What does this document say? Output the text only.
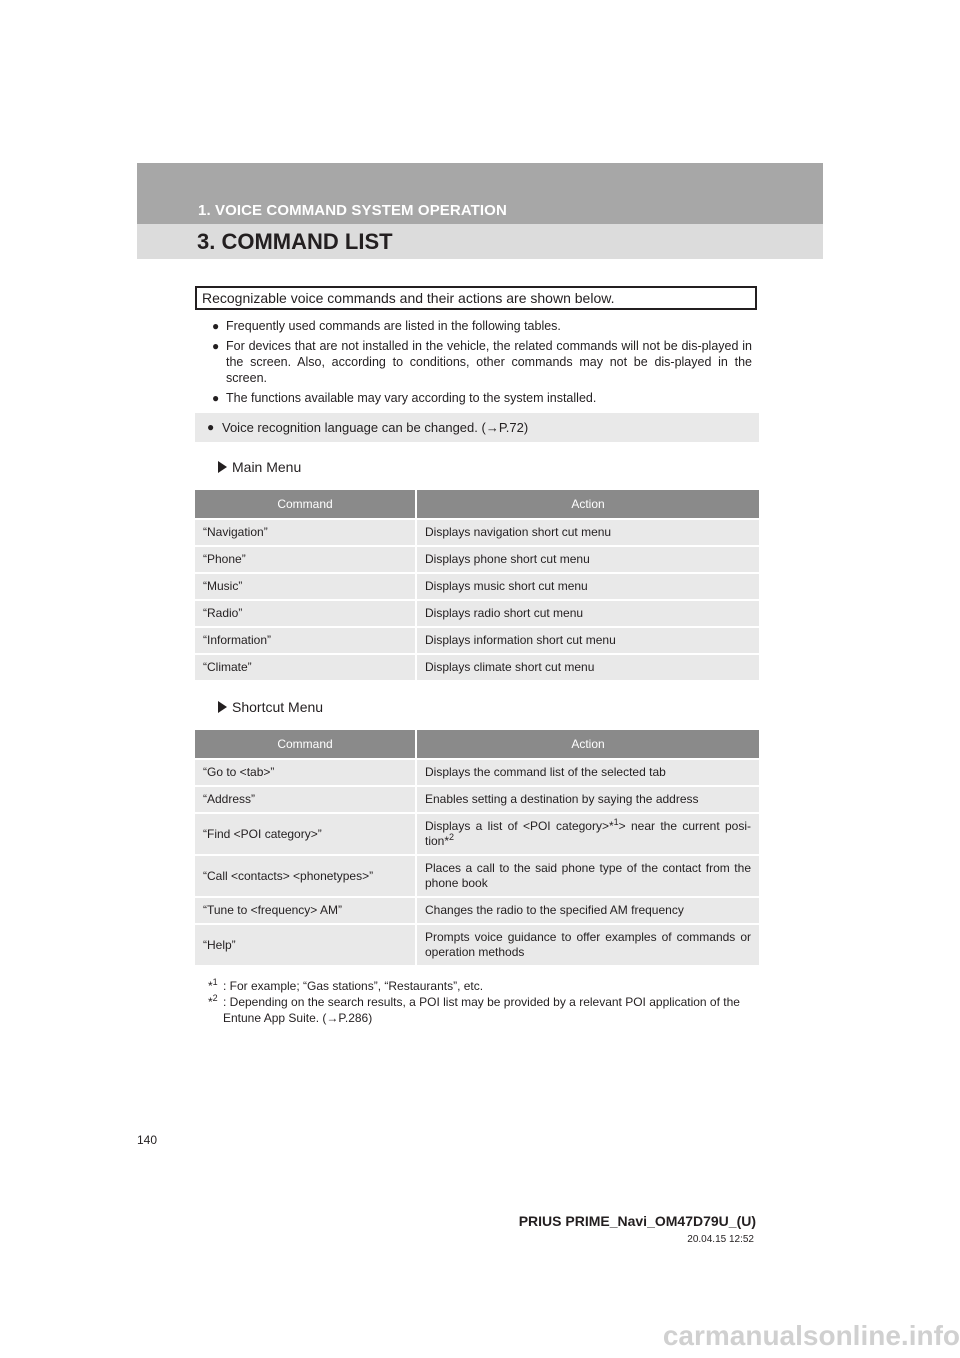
1. VOICE COMMAND SYSTEM OPERATION
3. COMMAND LIST
Recognizable voice commands and their actions are shown below.
● Frequently used commands are listed in the following tables.
● For devices that are not installed in the vehicle, the related commands will not be dis-played in the screen. Also, according to conditions, other commands may not be dis-played in the screen.
● The functions available may vary according to the system installed.
● Voice recognition language can be changed. (→P.72)
Main Menu
Command	Action
“Navigation”	Displays navigation short cut menu
“Phone”	Displays phone short cut menu
“Music”	Displays music short cut menu
“Radio”	Displays radio short cut menu
“Information”	Displays information short cut menu
“Climate”	Displays climate short cut menu
Shortcut Menu
Command	Action
“Go to <tab>”	Displays the command list of the selected tab
“Address”	Enables setting a destination by saying the address
“Find <POI category>”	Displays a list of <POI category>*$^1$> near the current posi-tion*$^2$
“Call <contacts> <phonetypes>”	Places a call to the said phone type of the contact from the phone book
“Tune to <frequency> AM”	Changes the radio to the specified AM frequency
“Help”	Prompts voice guidance to offer examples of commands or operation methods
*$^1$ : For example; “Gas stations”, “Restaurants”, etc.
*$^2$ : Depending on the search results, a POI list may be provided by a relevant POI application of the Entune App Suite. (→P.286)
140
PRIUS PRIME_Navi_OM47D79U_(U)
20.04.15 12:52
carmanualsonline.info
